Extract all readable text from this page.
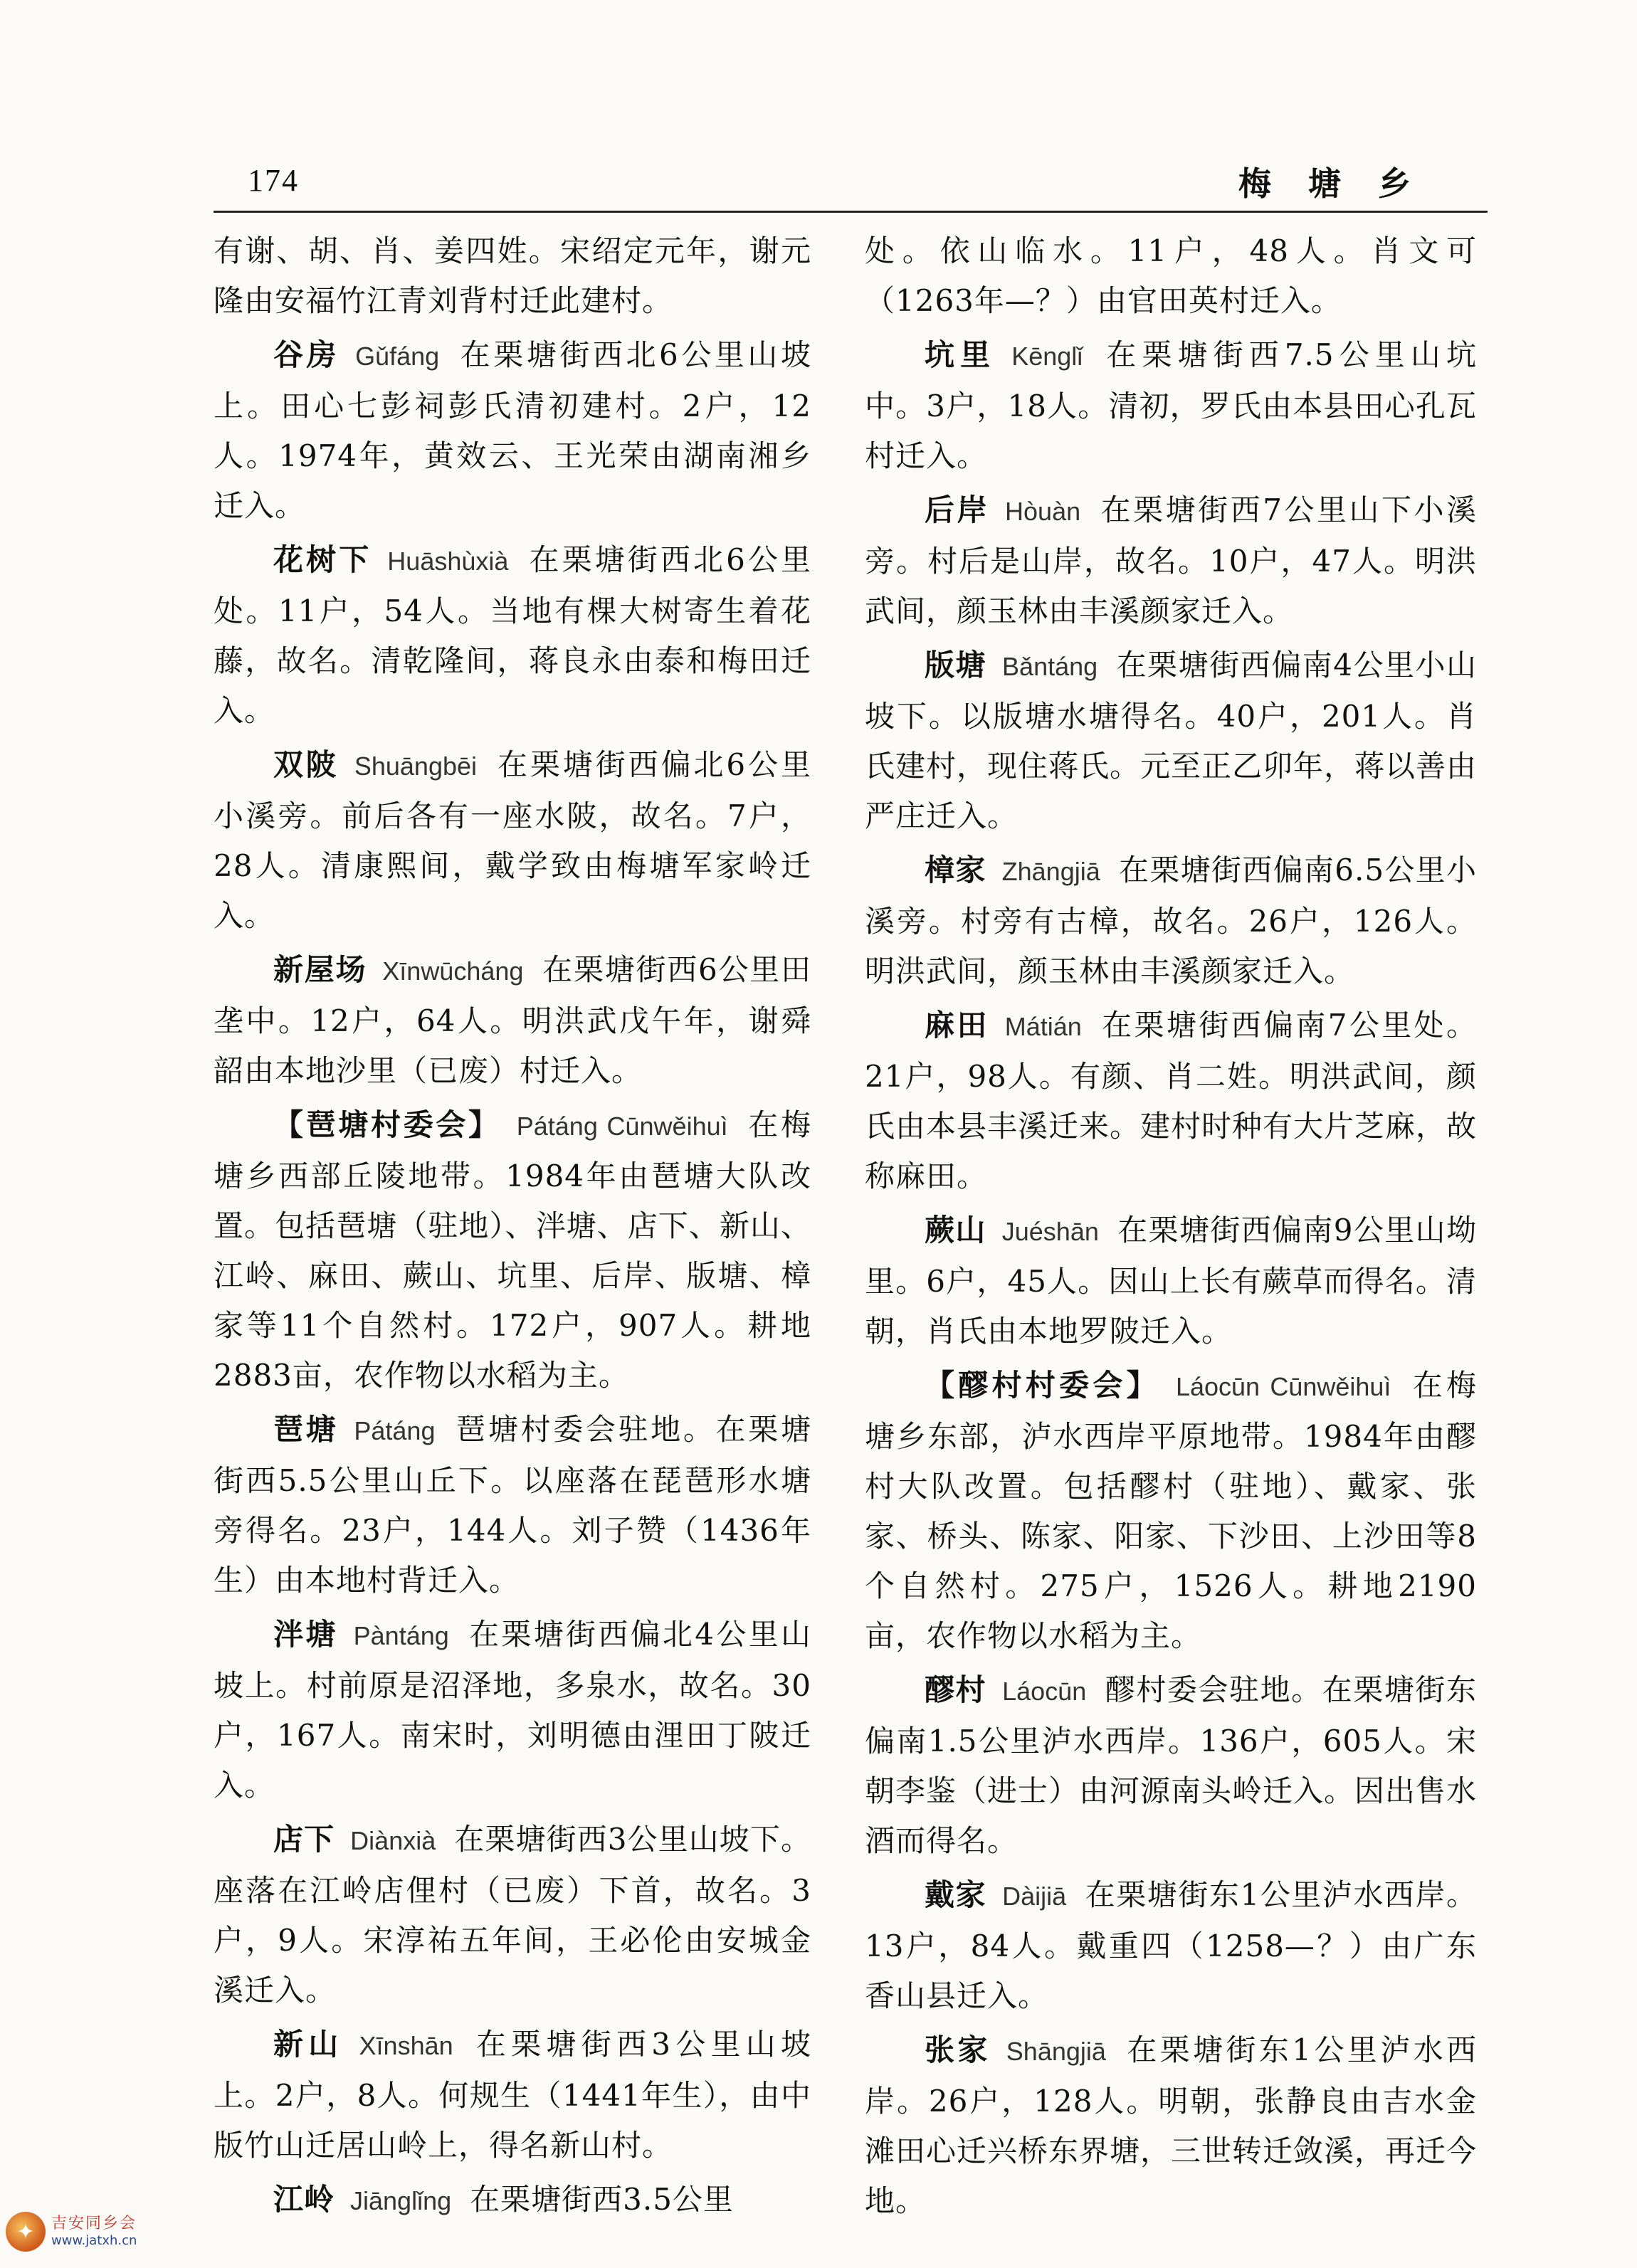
174	梅 塘 乡

有谢、胡、肖、姜四姓。宋绍定元年，谢元隆由安福竹江青刘背村迁此建村。

谷房 Gǔfáng 在栗塘街西北6公里山坡上。田心七彭祠彭氏清初建村。2户，12人。1974年，黄效云、王光荣由湖南湘乡迁入。

花树下 Huāshùxià 在栗塘街西北6公里处。11户，54人。当地有棵大树寄生着花藤，故名。清乾隆间，蒋良永由泰和梅田迁入。

双陂 Shuāngbēi 在栗塘街西偏北6公里小溪旁。前后各有一座水陂，故名。7户，28人。清康熙间，戴学致由梅塘军家岭迁入。

新屋场 Xīnwūcháng 在栗塘街西6公里田垄中。12户，64人。明洪武戊午年，谢舜韶由本地沙里（已废）村迁入。

【琶塘村委会】 Pátáng Cūnwěihuì 在梅塘乡西部丘陵地带。1984年由琶塘大队改置。包括琶塘（驻地）、泮塘、店下、新山、江岭、麻田、蕨山、坑里、后岸、版塘、樟家等11个自然村。172户，907人。耕地2883亩，农作物以水稻为主。

琶塘 Pátáng 琶塘村委会驻地。在栗塘街西5.5公里山丘下。以座落在琵琶形水塘旁得名。23户，144人。刘子赞（1436年生）由本地村背迁入。

泮塘 Pàntáng 在栗塘街西偏北4公里山坡上。村前原是沼泽地，多泉水，故名。30户，167人。南宋时，刘明德由浬田丁陂迁入。

店下 Diànxià 在栗塘街西3公里山坡下。座落在江岭店俚村（已废）下首，故名。3户，9人。宋淳祐五年间，王必伦由安城金溪迁入。

新山 Xīnshān 在栗塘街西3公里山坡上。2户，8人。何规生（1441年生），由中版竹山迁居山岭上，得名新山村。

江岭 Jiānglǐng 在栗塘街西3.5公里

处。依山临水。11户，48人。肖文可（1263年—？）由官田英村迁入。

坑里 Kēnglǐ 在栗塘街西7.5公里山坑中。3户，18人。清初，罗氏由本县田心孔瓦村迁入。

后岸 Hòuàn 在栗塘街西7公里山下小溪旁。村后是山岸，故名。10户，47人。明洪武间，颜玉林由丰溪颜家迁入。

版塘 Bǎntáng 在栗塘街西偏南4公里小山坡下。以版塘水塘得名。40户，201人。肖氏建村，现住蒋氏。元至正乙卯年，蒋以善由严庄迁入。

樟家 Zhāngjiā 在栗塘街西偏南6.5公里小溪旁。村旁有古樟，故名。26户，126人。明洪武间，颜玉林由丰溪颜家迁入。

麻田 Mátián 在栗塘街西偏南7公里处。21户，98人。有颜、肖二姓。明洪武间，颜氏由本县丰溪迁来。建村时种有大片芝麻，故称麻田。

蕨山 Juéshān 在栗塘街西偏南9公里山坳里。6户，45人。因山上长有蕨草而得名。清朝，肖氏由本地罗陂迁入。

【醪村村委会】 Láocūn Cūnwěihuì 在梅塘乡东部，泸水西岸平原地带。1984年由醪村大队改置。包括醪村（驻地）、戴家、张家、桥头、陈家、阳家、下沙田、上沙田等8个自然村。275户，1526人。耕地2190亩，农作物以水稻为主。

醪村 Láocūn 醪村委会驻地。在栗塘街东偏南1.5公里泸水西岸。136户，605人。宋朝李鉴（进士）由河源南头岭迁入。因出售水酒而得名。

戴家 Dàijiā 在栗塘街东1公里泸水西岸。13户，84人。戴重四（1258—？）由广东香山县迁入。

张家 Shāngjiā 在栗塘街东1公里泸水西岸。26户，128人。明朝，张静良由吉水金滩田心迁兴桥东界塘，三世转迁敛溪，再迁今地。

✦	吉安同乡会
www.jatxh.cn
